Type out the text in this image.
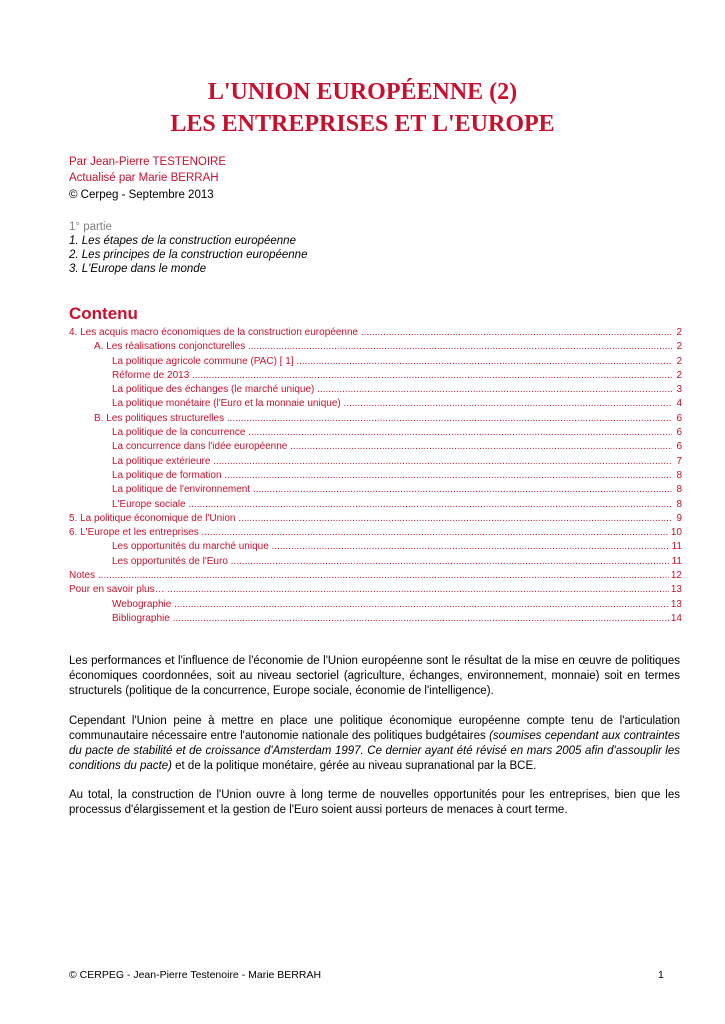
L'UNION EUROPÉENNE (2)
LES ENTREPRISES ET L'EUROPE
Par Jean-Pierre TESTENOIRE
Actualisé par Marie BERRAH
© Cerpeg - Septembre 2013
1° partie
1. Les étapes de la construction européenne
2. Les principes de la construction européenne
3. L'Europe dans le monde
Contenu
4. Les acquis macro économiques de la construction européenne .....	2
A. Les réalisations conjoncturelles .....	2
La politique agricole commune (PAC) [ 1] .....	2
Réforme de 2013 .....	2
La politique des échanges (le marché unique) .....	3
La politique monétaire (l'Euro et la monnaie unique) .....	4
B. Les politiques structurelles .....	6
La politique de la concurrence .....	6
La concurrence dans l'idée européenne .....	6
La politique extérieure .....	7
La politique de formation .....	8
La politique de l'environnement .....	8
L'Europe sociale .....	8
5. La politique économique de l'Union .....	9
6. L'Europe et les entreprises .....	10
Les opportunités du marché unique .....	11
Les opportunités de l'Euro .....	11
Notes .....	12
Pour en savoir plus… .....	13
Webographie .....	13
Bibliographie .....	14

Les performances et l'influence de l'économie de l'Union européenne sont le résultat de la mise en œuvre de politiques économiques coordonnées, soit au niveau sectoriel (agriculture, échanges, environnement, monnaie) soit en termes structurels (politique de la concurrence, Europe sociale, économie de l'intelligence).

Cependant l'Union peine à mettre en place une politique économique européenne compte tenu de l'articulation communautaire nécessaire entre l'autonomie nationale des politiques budgétaires (soumises cependant aux contraintes du pacte de stabilité et de croissance d'Amsterdam 1997. Ce dernier ayant été révisé en mars 2005 afin d'assouplir les conditions du pacte) et de la politique monétaire, gérée au niveau supranational par la BCE.

Au total, la construction de l'Union ouvre à long terme de nouvelles opportunités pour les entreprises, bien que les processus d'élargissement et la gestion de l'Euro soient aussi porteurs de menaces à court terme.

© CERPEG - Jean-Pierre Testenoire - Marie BERRAH	1
